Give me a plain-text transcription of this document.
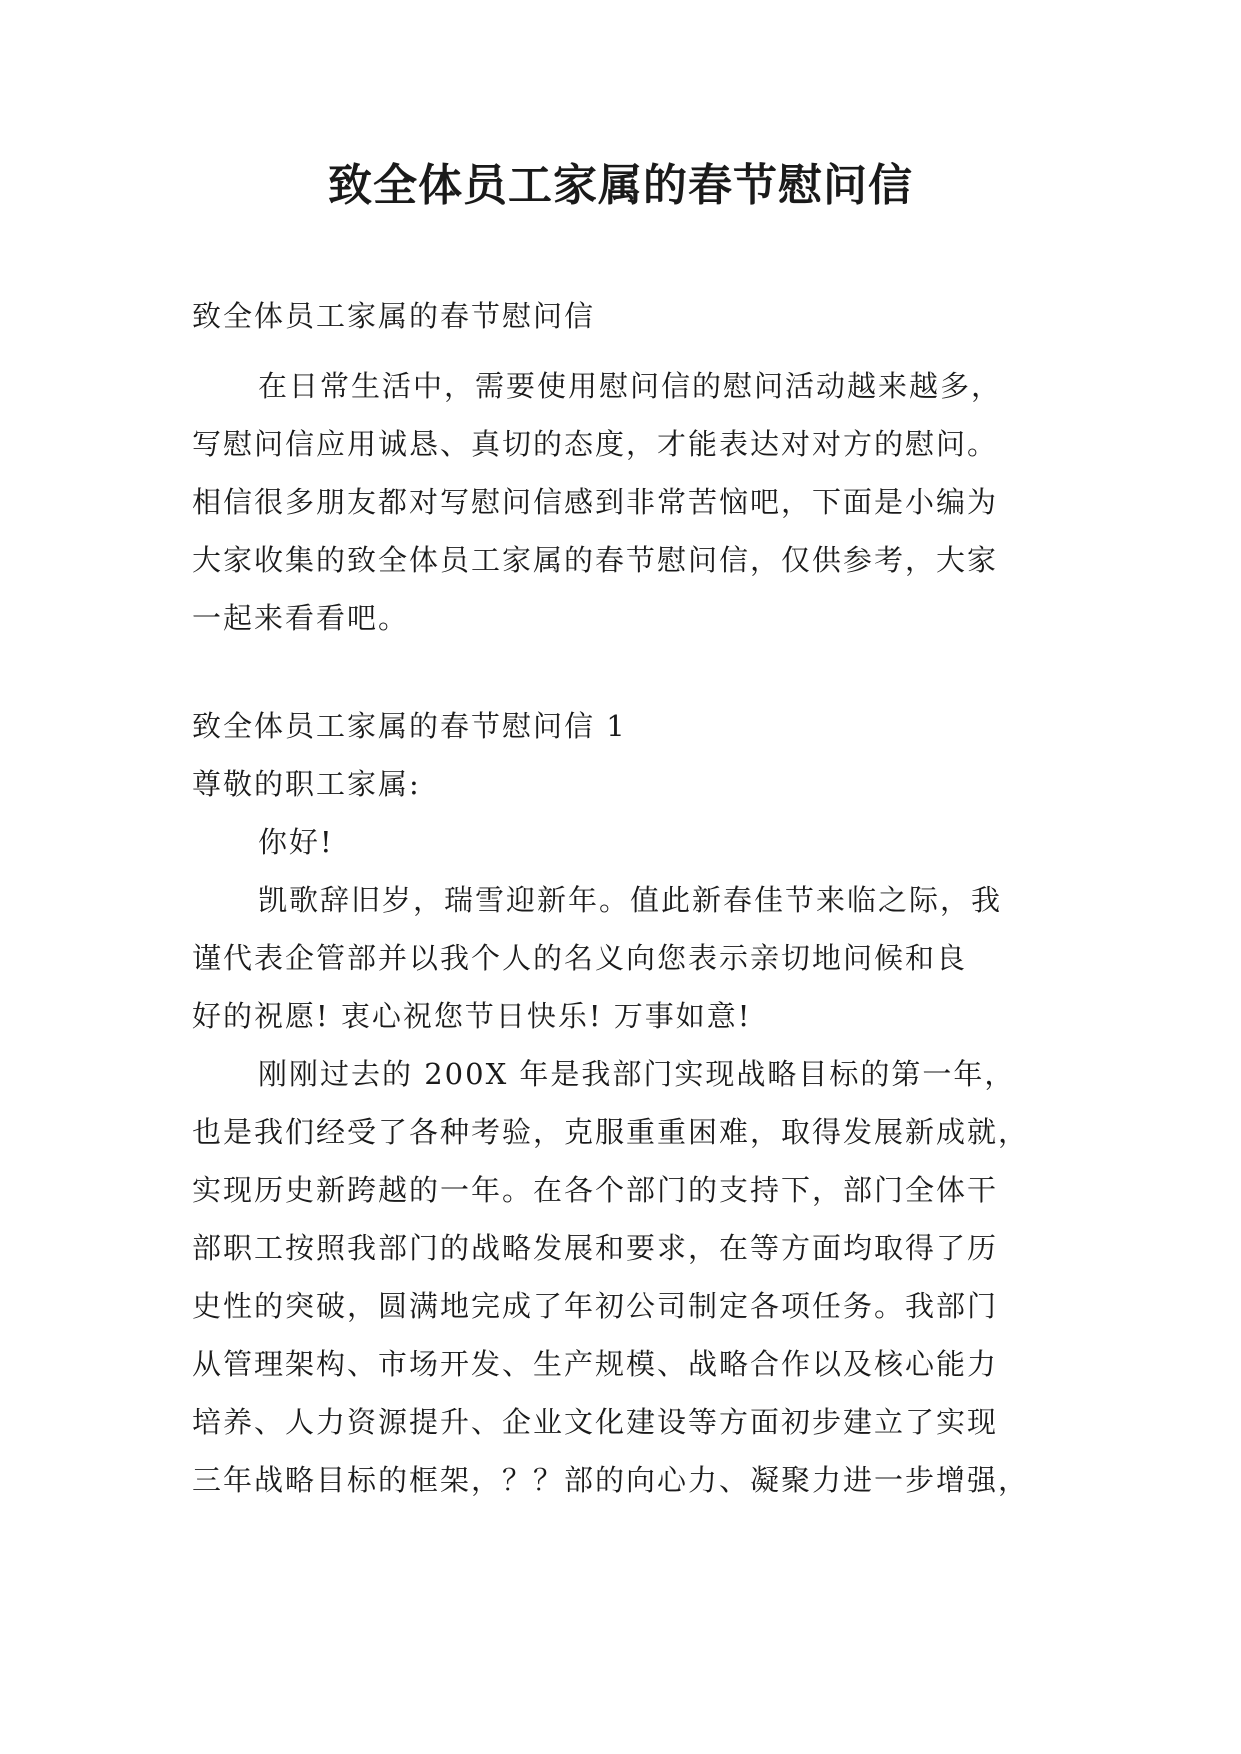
致全体员工家属的春节慰问信
致全体员工家属的春节慰问信
在日常生活中，需要使用慰问信的慰问活动越来越多，
写慰问信应用诚恳、真切的态度，才能表达对对方的慰问。
相信很多朋友都对写慰问信感到非常苦恼吧，下面是小编为
大家收集的致全体员工家属的春节慰问信，仅供参考，大家
一起来看看吧。
致全体员工家属的春节慰问信 1
尊敬的职工家属:
你好!
凯歌辞旧岁，瑞雪迎新年。值此新春佳节来临之际，我
谨代表企管部并以我个人的名义向您表示亲切地问候和良
好的祝愿! 衷心祝您节日快乐! 万事如意!
刚刚过去的 200X 年是我部门实现战略目标的第一年，
也是我们经受了各种考验，克服重重困难，取得发展新成就，
实现历史新跨越的一年。在各个部门的支持下，部门全体干
部职工按照我部门的战略发展和要求，在等方面均取得了历
史性的突破，圆满地完成了年初公司制定各项任务。我部门
从管理架构、市场开发、生产规模、战略合作以及核心能力
培养、人力资源提升、企业文化建设等方面初步建立了实现
三年战略目标的框架，？？部的向心力、凝聚力进一步增强，
